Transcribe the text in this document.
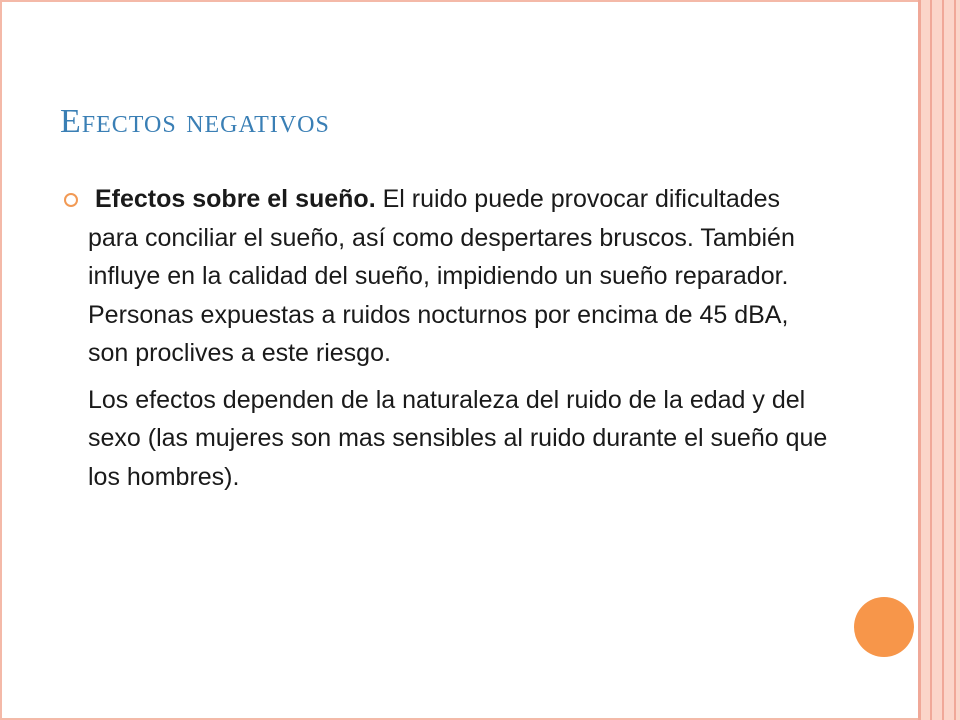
Efectos negativos
Efectos sobre el sueño. El ruido puede provocar dificultades para conciliar el sueño, así como despertares bruscos. También influye en la calidad del sueño, impidiendo un sueño reparador. Personas expuestas a ruidos nocturnos por encima de 45 dBA, son proclives a este riesgo.
Los efectos dependen de la naturaleza del ruido de la edad y del sexo (las mujeres son mas sensibles al ruido durante el sueño que los hombres).
